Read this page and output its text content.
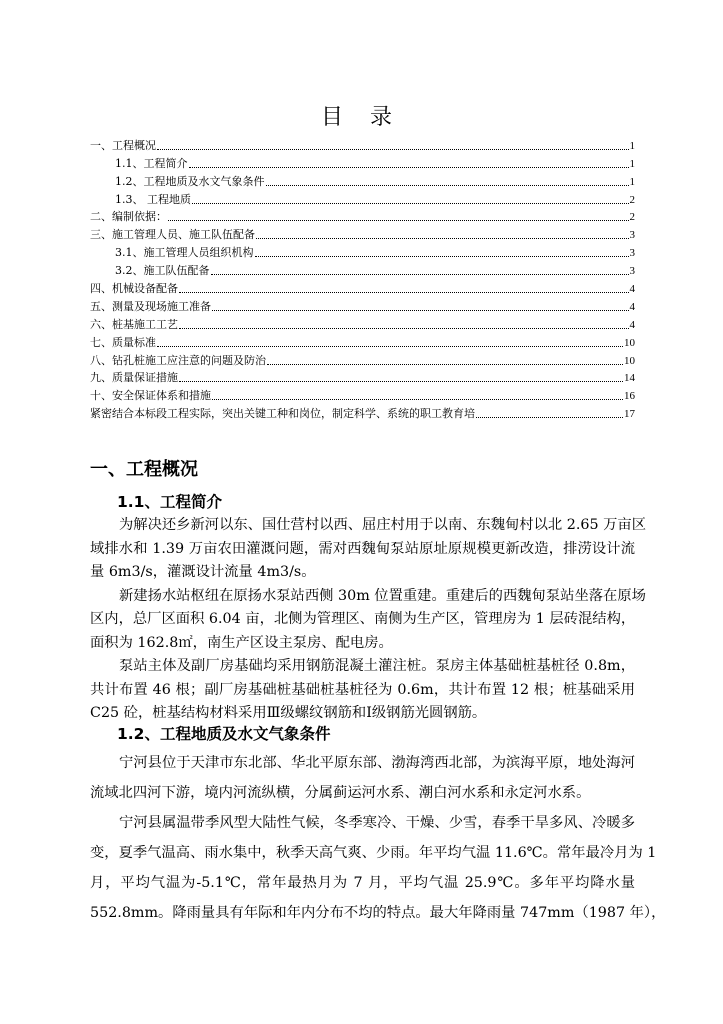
目 录
一、工程概况	1
1.1、工程简介	1
1.2、工程地质及水文气象条件	1
1.3、 工程地质	2
二、编制依据：	2
三、施工管理人员、施工队伍配备	3
3.1、施工管理人员组织机构	3
3.2、施工队伍配备	3
四、机械设备配备	4
五、测量及现场施工准备	4
六、桩基施工工艺	4
七、质量标准	10
八、钻孔桩施工应注意的问题及防治	10
九、质量保证措施	14
十、安全保证体系和措施	16
紧密结合本标段工程实际，突出关键工种和岗位，制定科学、系统的职工教育培	17
一、工程概况
1.1、工程简介
为解决还乡新河以东、国仕营村以西、屈庄村用于以南、东魏甸村以北 2.65 万亩区
域排水和 1.39 万亩农田灌溉问题，需对西魏甸泵站原址原规模更新改造，排涝设计流
量 6m3/s，灌溉设计流量 4m3/s。
新建扬水站枢纽在原扬水泵站西侧 30m 位置重建。重建后的西魏甸泵站坐落在原场
区内，总厂区面积 6.04 亩，北侧为管理区、南侧为生产区，管理房为 1 层砖混结构，
面积为 162.8㎡，南生产区设主泵房、配电房。
泵站主体及副厂房基础均采用钢筋混凝土灌注桩。泵房主体基础桩基桩径 0.8m，
共计布置 46 根；副厂房基础桩基础桩基桩径为 0.6m，共计布置 12 根；桩基础采用
C25 砼，桩基结构材料采用Ⅲ级螺纹钢筋和Ⅰ级钢筋光圆钢筋。
1.2、工程地质及水文气象条件
宁河县位于天津市东北部、华北平原东部、渤海湾西北部，为滨海平原，地处海河
流域北四河下游，境内河流纵横，分属蓟运河水系、潮白河水系和永定河水系。
宁河县属温带季风型大陆性气候，冬季寒冷、干燥、少雪，春季干旱多风、冷暖多
变，夏季气温高、雨水集中，秋季天高气爽、少雨。年平均气温 11.6℃。常年最冷月为 1
月，平均气温为-5.1℃，常年最热月为 7 月，平均气温 25.9℃。多年平均降水量
552.8mm。降雨量具有年际和年内分布不均的特点。最大年降雨量 747mm（1987 年），
